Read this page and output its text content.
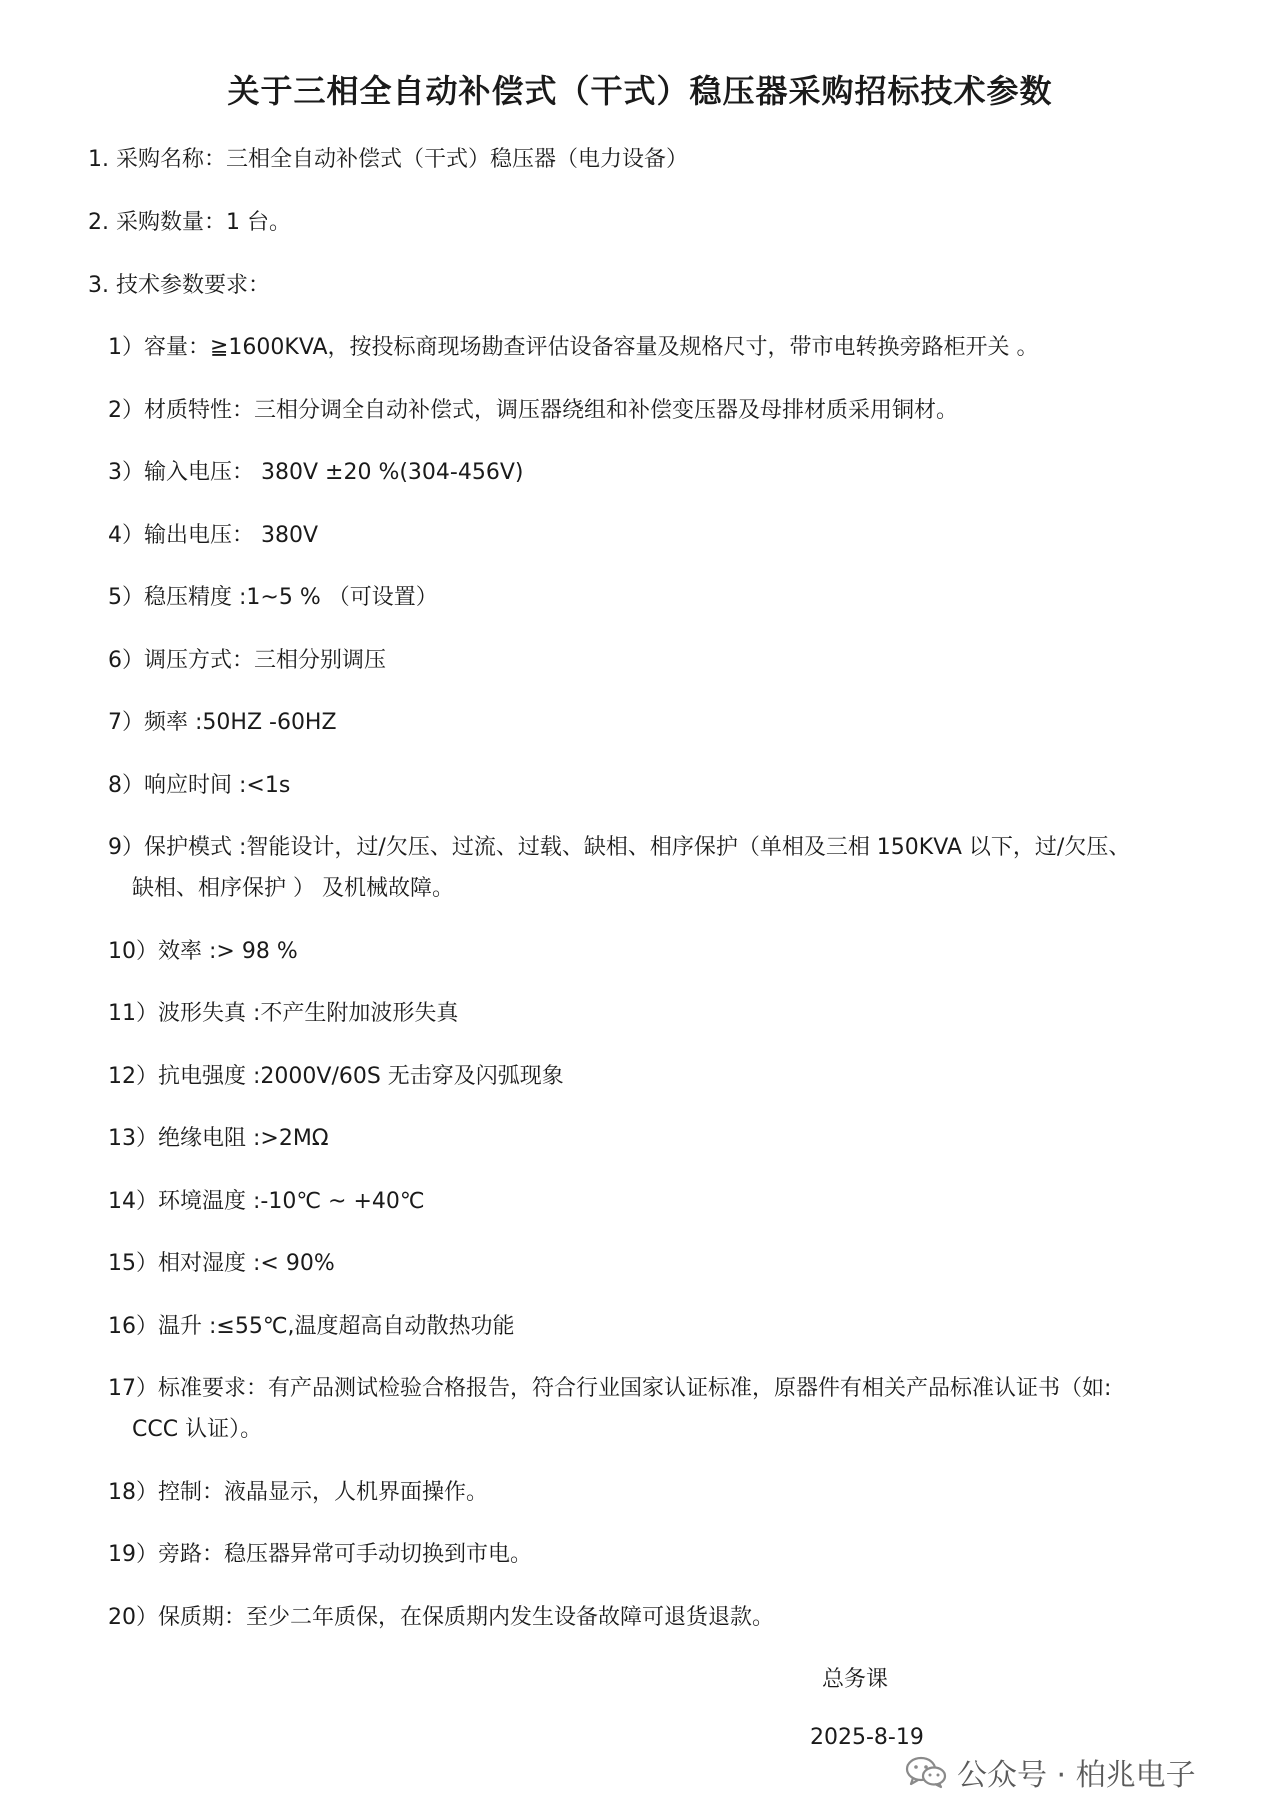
关于三相全自动补偿式（干式）稳压器采购招标技术参数
1. 采购名称：三相全自动补偿式（干式）稳压器（电力设备）
2. 采购数量：1 台。
3. 技术参数要求：
1）容量：≧1600KVA，按投标商现场勘查评估设备容量及规格尺寸，带市电转换旁路柜开关 。
2）材质特性：三相分调全自动补偿式，调压器绕组和补偿变压器及母排材质采用铜材。
3）输入电压： 380V ±20 %(304-456V)
4）输出电压： 380V
5）稳压精度 :1~5 % （可设置）
6）调压方式：三相分别调压
7）频率 :50HZ -60HZ
8）响应时间 :<1s
9）保护模式 :智能设计，过/欠压、过流、过载、缺相、相序保护（单相及三相 150KVA 以下，过/欠压、
缺相、相序保护 ） 及机械故障。
10）效率 :> 98 %
11）波形失真 :不产生附加波形失真
12）抗电强度 :2000V/60S 无击穿及闪弧现象
13）绝缘电阻 :>2MΩ
14）环境温度 :-10℃ ~ +40℃
15）相对湿度 :< 90%
16）温升 :≤55℃,温度超高自动散热功能
17）标准要求：有产品测试检验合格报告，符合行业国家认证标准，原器件有相关产品标准认证书（如:
CCC 认证）。
18）控制：液晶显示，人机界面操作。
19）旁路：稳压器异常可手动切换到市电。
20）保质期：至少二年质保，在保质期内发生设备故障可退货退款。
总务课
2025-8-19
公众号 · 柏兆电子
